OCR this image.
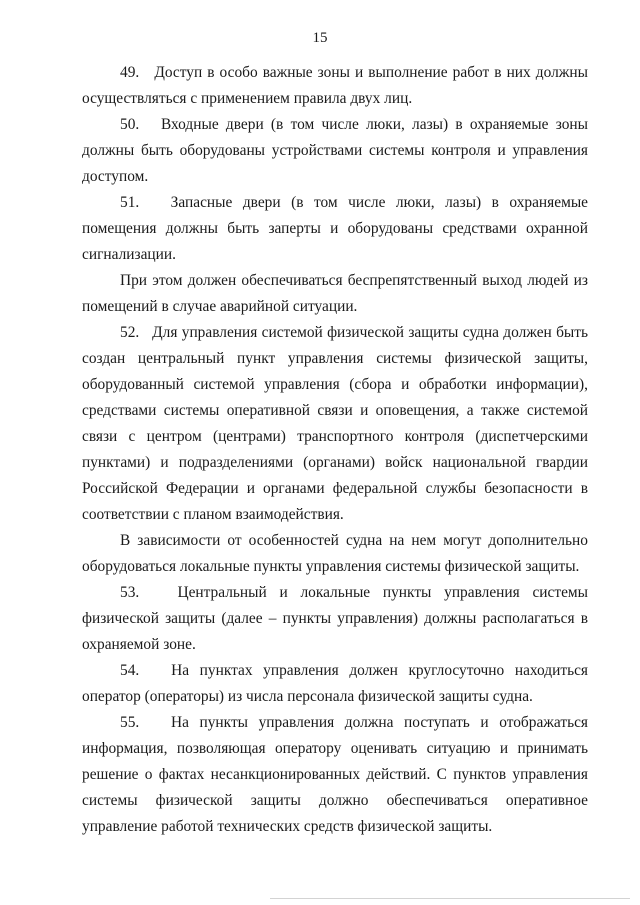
15

49.   Доступ в особо важные зоны и выполнение работ в них должны осуществляться с применением правила двух лиц.

50.   Входные двери (в том числе люки, лазы) в охраняемые зоны должны быть оборудованы устройствами системы контроля и управления доступом.

51.   Запасные двери (в том числе люки, лазы) в охраняемые помещения должны быть заперты и оборудованы средствами охранной сигнализации.

При этом должен обеспечиваться беспрепятственный выход людей из помещений в случае аварийной ситуации.

52.   Для управления системой физической защиты судна должен быть создан центральный пункт управления системы физической защиты, оборудованный системой управления (сбора и обработки информации), средствами системы оперативной связи и оповещения, а также системой связи с центром (центрами) транспортного контроля (диспетчерскими пунктами) и подразделениями (органами) войск национальной гвардии Российской Федерации и органами федеральной службы безопасности в соответствии с планом взаимодействия.

В зависимости от особенностей судна на нем могут дополнительно оборудоваться локальные пункты управления системы физической защиты.

53.   Центральный и локальные пункты управления системы физической защиты (далее – пункты управления) должны располагаться в охраняемой зоне.

54.   На пунктах управления должен круглосуточно находиться оператор (операторы) из числа персонала физической защиты судна.

55.   На пункты управления должна поступать и отображаться информация, позволяющая оператору оценивать ситуацию и принимать решение о фактах несанкционированных действий. С пунктов управления системы физической защиты должно обеспечиваться оперативное управление работой технических средств физической защиты.
